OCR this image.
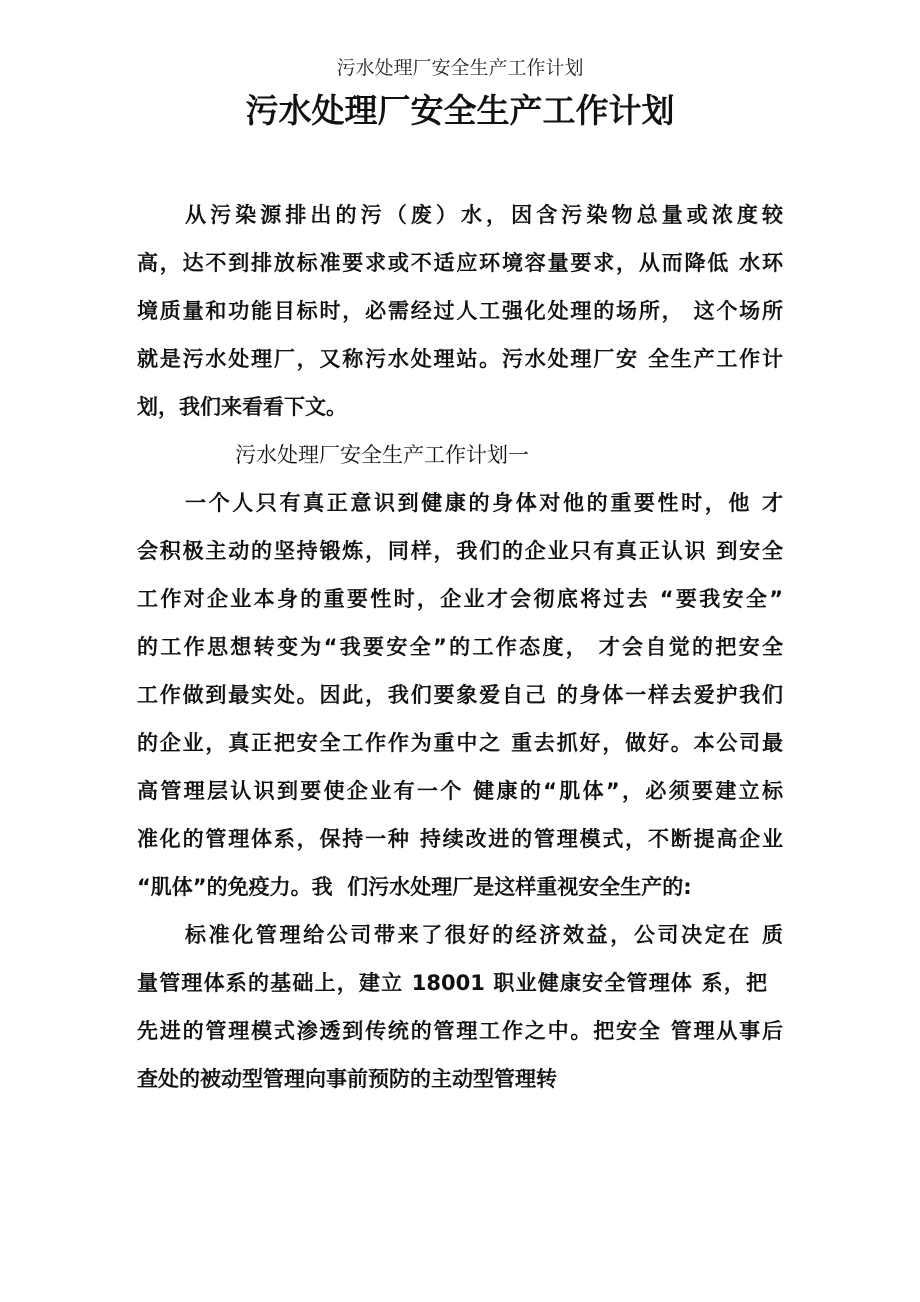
污水处理厂安全生产工作计划
污水处理厂安全生产工作计划
从污染源排出的污（废）水，因含污染物总量或浓度较
高，达不到排放标准要求或不适应环境容量要求，从而降低 水环
境质量和功能目标时，必需经过人工强化处理的场所， 这个场所
就是污水处理厂，又称污水处理站。污水处理厂安 全生产工作计
划，我们来看看下文。
污水处理厂安全生产工作计划一
一个人只有真正意识到健康的身体对他的重要性时，他 才
会积极主动的坚持锻炼，同样，我们的企业只有真正认识 到安全
工作对企业本身的重要性时，企业才会彻底将过去 “要我安全”
的工作思想转变为“我要安全”的工作态度， 才会自觉的把安全
工作做到最实处。因此，我们要象爱自己 的身体一样去爱护我们
的企业，真正把安全工作作为重中之 重去抓好，做好。本公司最
高管理层认识到要使企业有一个 健康的“肌体”，必须要建立标
准化的管理体系，保持一种 持续改进的管理模式，不断提高企业
“肌体”的免疫力。我  们污水处理厂是这样重视安全生产的:
标准化管理给公司带来了很好的经济效益，公司决定在 质
量管理体系的基础上，建立 18001 职业健康安全管理体 系，把
先进的管理模式渗透到传统的管理工作之中。把安全 管理从事后
查处的被动型管理向事前预防的主动型管理转
